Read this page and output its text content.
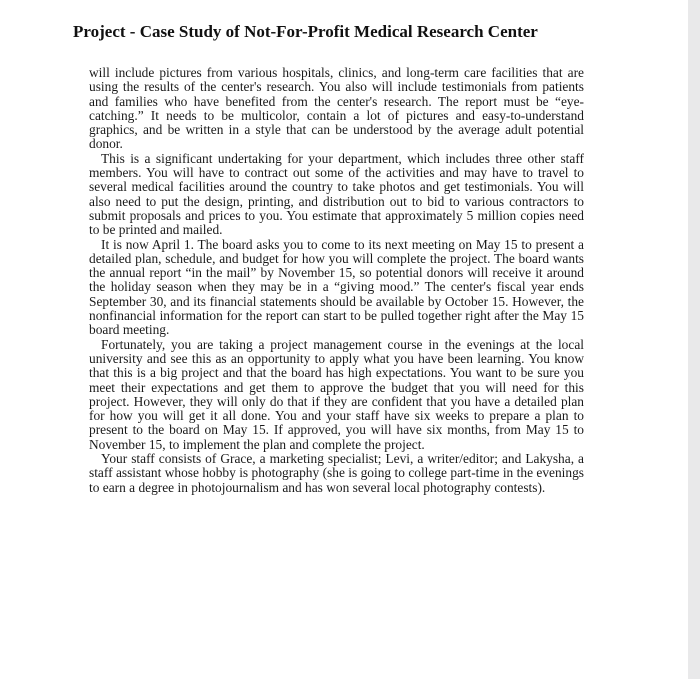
Project - Case Study of Not-For-Profit Medical Research Center

will include pictures from various hospitals, clinics, and long-term care facilities that are using the results of the center's research. You also will include testimonials from patients and families who have benefited from the center's research. The report must be “eye-catching.” It needs to be multicolor, contain a lot of pictures and easy-to-understand graphics, and be written in a style that can be understood by the average adult potential donor.

This is a significant undertaking for your department, which includes three other staff members. You will have to contract out some of the activities and may have to travel to several medical facilities around the country to take photos and get testimonials. You will also need to put the design, printing, and distribution out to bid to various contractors to submit proposals and prices to you. You estimate that approximately 5 million copies need to be printed and mailed.

It is now April 1. The board asks you to come to its next meeting on May 15 to present a detailed plan, schedule, and budget for how you will complete the project. The board wants the annual report “in the mail” by November 15, so potential donors will receive it around the holiday season when they may be in a “giving mood.” The center's fiscal year ends September 30, and its financial statements should be available by October 15. However, the nonfinancial information for the report can start to be pulled together right after the May 15 board meeting.

Fortunately, you are taking a project management course in the evenings at the local university and see this as an opportunity to apply what you have been learning. You know that this is a big project and that the board has high expectations. You want to be sure you meet their expectations and get them to approve the budget that you will need for this project. However, they will only do that if they are confident that you have a detailed plan for how you will get it all done. You and your staff have six weeks to prepare a plan to present to the board on May 15. If approved, you will have six months, from May 15 to November 15, to implement the plan and complete the project.

Your staff consists of Grace, a marketing specialist; Levi, a writer/editor; and Lakysha, a staff assistant whose hobby is photography (she is going to college part-time in the evenings to earn a degree in photojournalism and has won several local photography contests).
